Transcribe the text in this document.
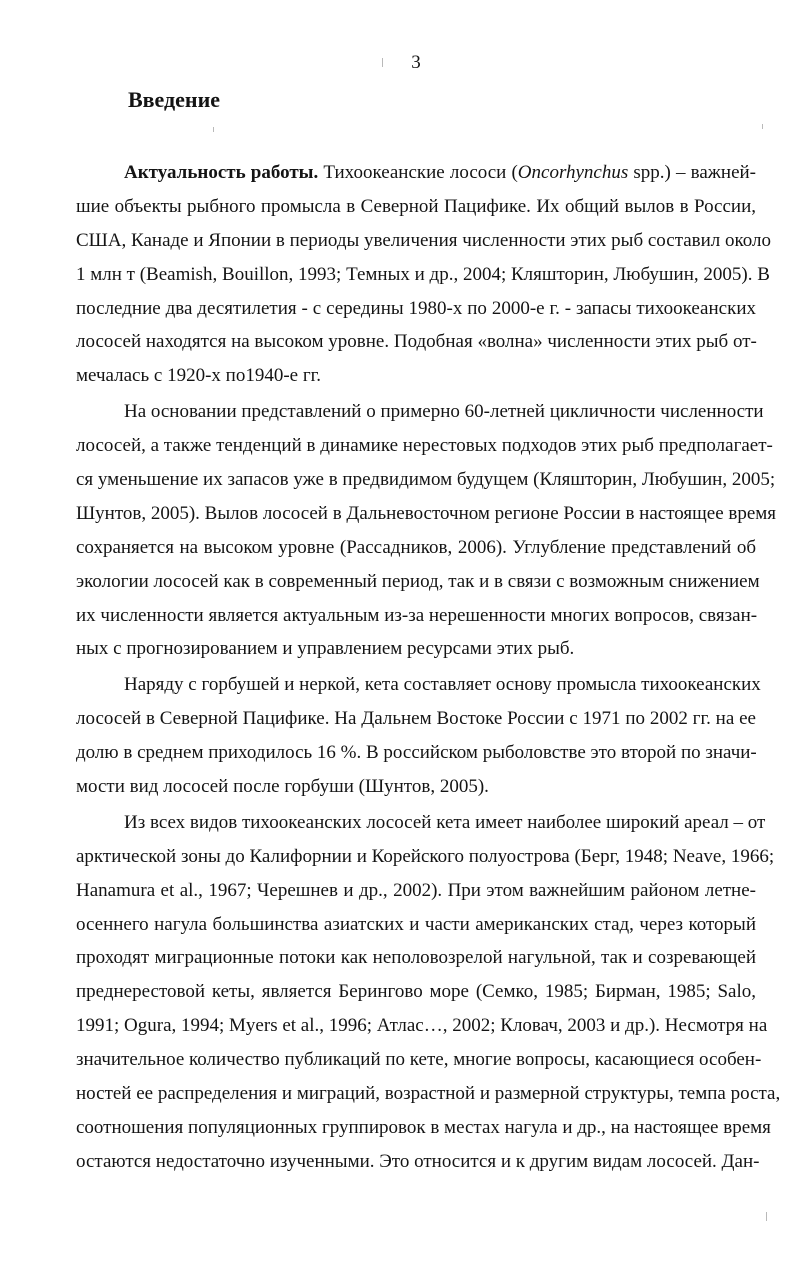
3
Введение
Актуальность работы. Тихоокеанские лососи (Oncorhynchus spp.) – важней-
шие объекты рыбного промысла в Северной Пацифике. Их общий вылов в России,
США, Канаде и Японии в периоды увеличения численности этих рыб составил около
1 млн т (Beamish, Bouillon, 1993; Темных и др., 2004; Кляшторин, Любушин, 2005). В
последние два десятилетия - с середины 1980-х по 2000-е г. - запасы тихоокеанских
лососей находятся на высоком уровне. Подобная «волна» численности этих рыб от-
мечалась с 1920-х по1940-е гг.
На основании представлений о примерно 60-летней цикличности численности
лососей, а также тенденций в динамике нерестовых подходов этих рыб предполагает-
ся уменьшение их запасов уже в предвидимом будущем (Кляшторин, Любушин, 2005;
Шунтов, 2005). Вылов лососей в Дальневосточном регионе России в настоящее время
сохраняется на высоком уровне (Рассадников, 2006). Углубление представлений об
экологии лососей как в современный период, так и в связи с возможным снижением
их численности является актуальным из-за нерешенности многих вопросов, связан-
ных с прогнозированием и управлением ресурсами этих рыб.
Наряду с горбушей и неркой, кета составляет основу промысла тихоокеанских
лососей в Северной Пацифике. На Дальнем Востоке России с 1971 по 2002 гг. на ее
долю в среднем приходилось 16 %. В российском рыболовстве это второй по значи-
мости вид лососей после горбуши (Шунтов, 2005).
Из всех видов тихоокеанских лососей кета имеет наиболее широкий ареал – от
арктической зоны до Калифорнии и Корейского полуострова (Берг, 1948; Neave, 1966;
Hanamura et al., 1967; Черешнев и др., 2002). При этом важнейшим районом летне-
осеннего нагула большинства азиатских и части американских стад, через который
проходят миграционные потоки как неполовозрелой нагульной, так и созревающей
преднерестовой кеты, является Берингово море (Семко, 1985; Бирман, 1985; Salo,
1991; Ogura, 1994; Myers et al., 1996; Атлас…, 2002; Кловач, 2003 и др.). Несмотря на
значительное количество публикаций по кете, многие вопросы, касающиеся особен-
ностей ее распределения и миграций, возрастной и размерной структуры, темпа роста,
соотношения популяционных группировок в местах нагула и др., на настоящее время
остаются недостаточно изученными. Это относится и к другим видам лососей. Дан-
